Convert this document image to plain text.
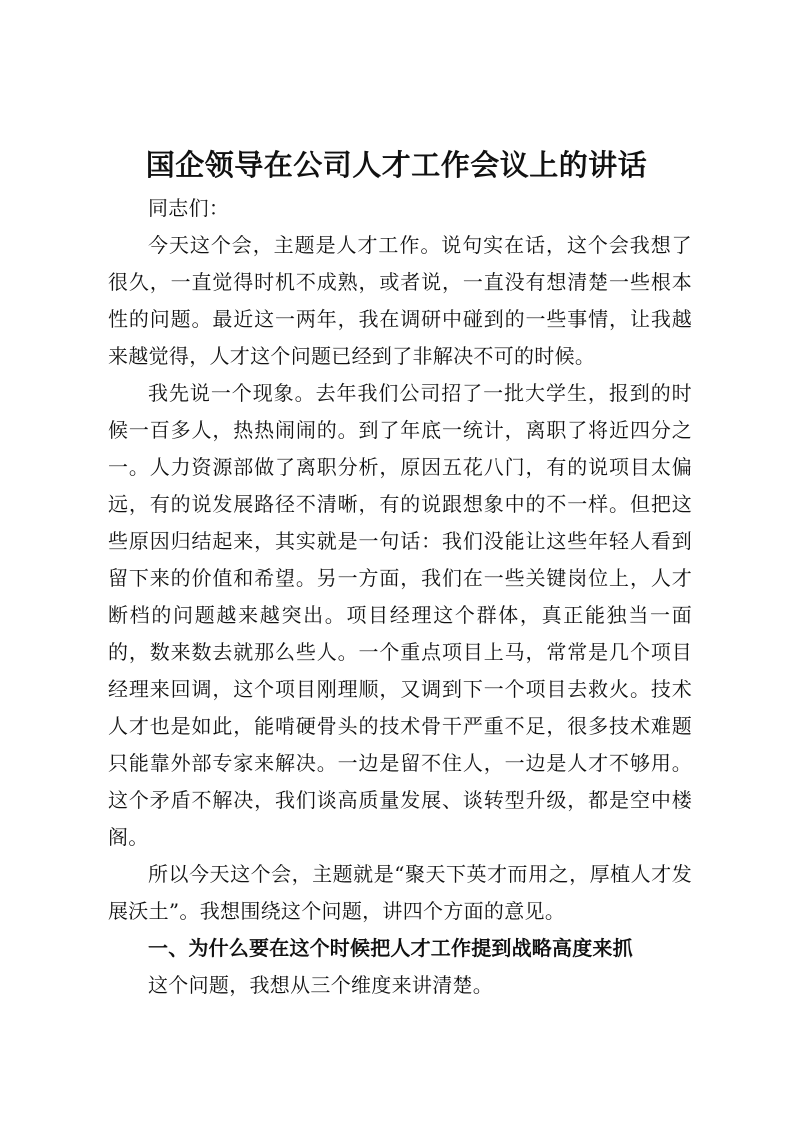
国企领导在公司人才工作会议上的讲话

同志们：

今天这个会，主题是人才工作。说句实在话，这个会我想了很久，一直觉得时机不成熟，或者说，一直没有想清楚一些根本性的问题。最近这一两年，我在调研中碰到的一些事情，让我越来越觉得，人才这个问题已经到了非解决不可的时候。

我先说一个现象。去年我们公司招了一批大学生，报到的时候一百多人，热热闹闹的。到了年底一统计，离职了将近四分之一。人力资源部做了离职分析，原因五花八门，有的说项目太偏远，有的说发展路径不清晰，有的说跟想象中的不一样。但把这些原因归结起来，其实就是一句话：我们没能让这些年轻人看到留下来的价值和希望。另一方面，我们在一些关键岗位上，人才断档的问题越来越突出。项目经理这个群体，真正能独当一面的，数来数去就那么些人。一个重点项目上马，常常是几个项目经理来回调，这个项目刚理顺，又调到下一个项目去救火。技术人才也是如此，能啃硬骨头的技术骨干严重不足，很多技术难题只能靠外部专家来解决。一边是留不住人，一边是人才不够用。这个矛盾不解决，我们谈高质量发展、谈转型升级，都是空中楼阁。

所以今天这个会，主题就是“聚天下英才而用之，厚植人才发展沃土”。我想围绕这个问题，讲四个方面的意见。

一、为什么要在这个时候把人才工作提到战略高度来抓

这个问题，我想从三个维度来讲清楚。
